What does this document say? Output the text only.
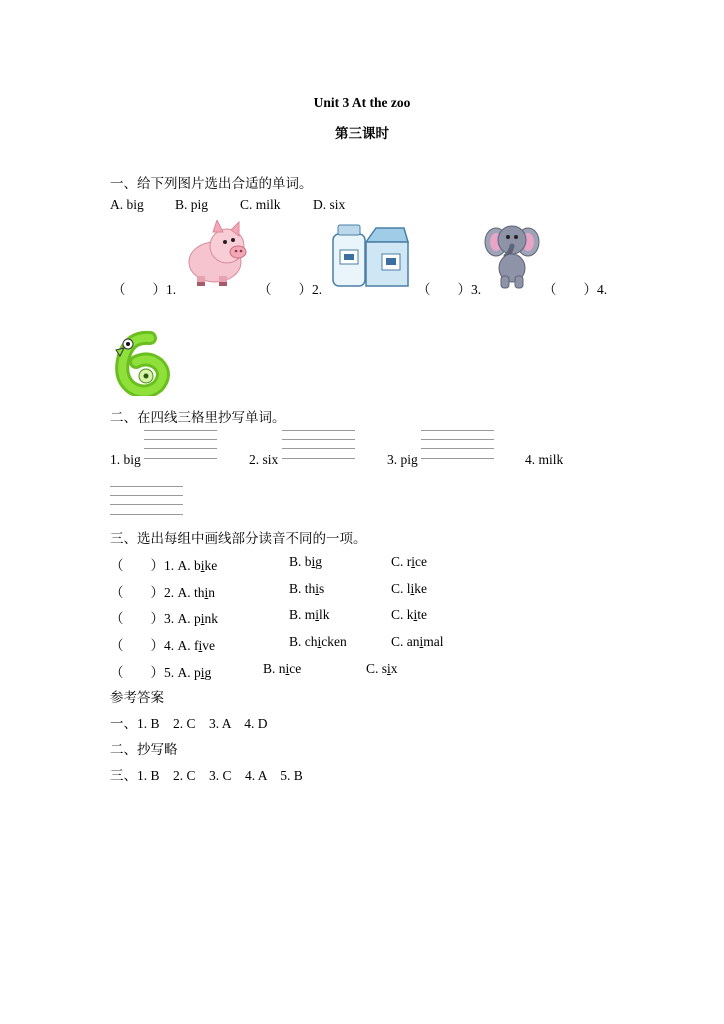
Unit 3 At the zoo
第三课时
一、给下列图片选出合适的单词。
A. big B. pig C. milk D. six
（　　）1.	（　　）2.	（　　）3.	（　　）4.
二、在四线三格里抄写单词。
1. big	2. six	3. pig	4. milk
三、选出每组中画线部分读音不同的一项。
（　　）1. A. bike	B. big	C. rice
（　　）2. A. thin	B. this	C. like
（　　）3. A. pink	B. milk	C. kite
（　　）4. A. five	B. chicken	C. animal
（　　）5. A. pig	B. nice	C. six
参考答案
一、1. B　2. C　3. A　4. D
二、抄写略
三、1. B　2. C　3. C　4. A　5. B
